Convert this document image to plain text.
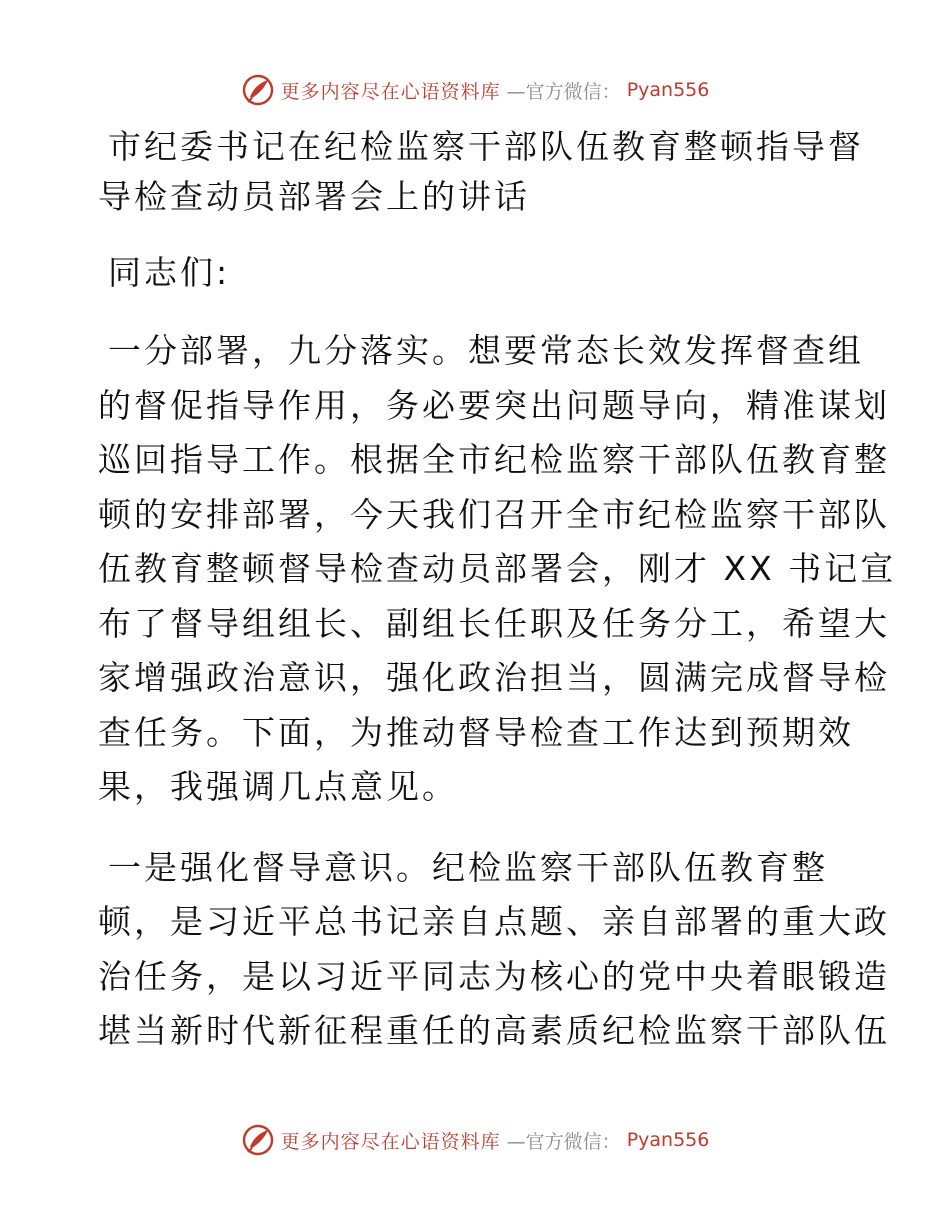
更多内容尽在心语资料库 —官方微信： Pyan556
市纪委书记在纪检监察干部队伍教育整顿指导督
导检查动员部署会上的讲话
同志们:
一分部署，九分落实。想要常态长效发挥督查组
的督促指导作用，务必要突出问题导向，精准谋划
巡回指导工作。根据全市纪检监察干部队伍教育整
顿的安排部署，今天我们召开全市纪检监察干部队
伍教育整顿督导检查动员部署会，刚才 XX 书记宣
布了督导组组长、副组长任职及任务分工，希望大
家增强政治意识，强化政治担当，圆满完成督导检
查任务。下面，为推动督导检查工作达到预期效
果，我强调几点意见。
一是强化督导意识。纪检监察干部队伍教育整
顿，是习近平总书记亲自点题、亲自部署的重大政
治任务，是以习近平同志为核心的党中央着眼锻造
堪当新时代新征程重任的高素质纪检监察干部队伍
更多内容尽在心语资料库 —官方微信： Pyan556
